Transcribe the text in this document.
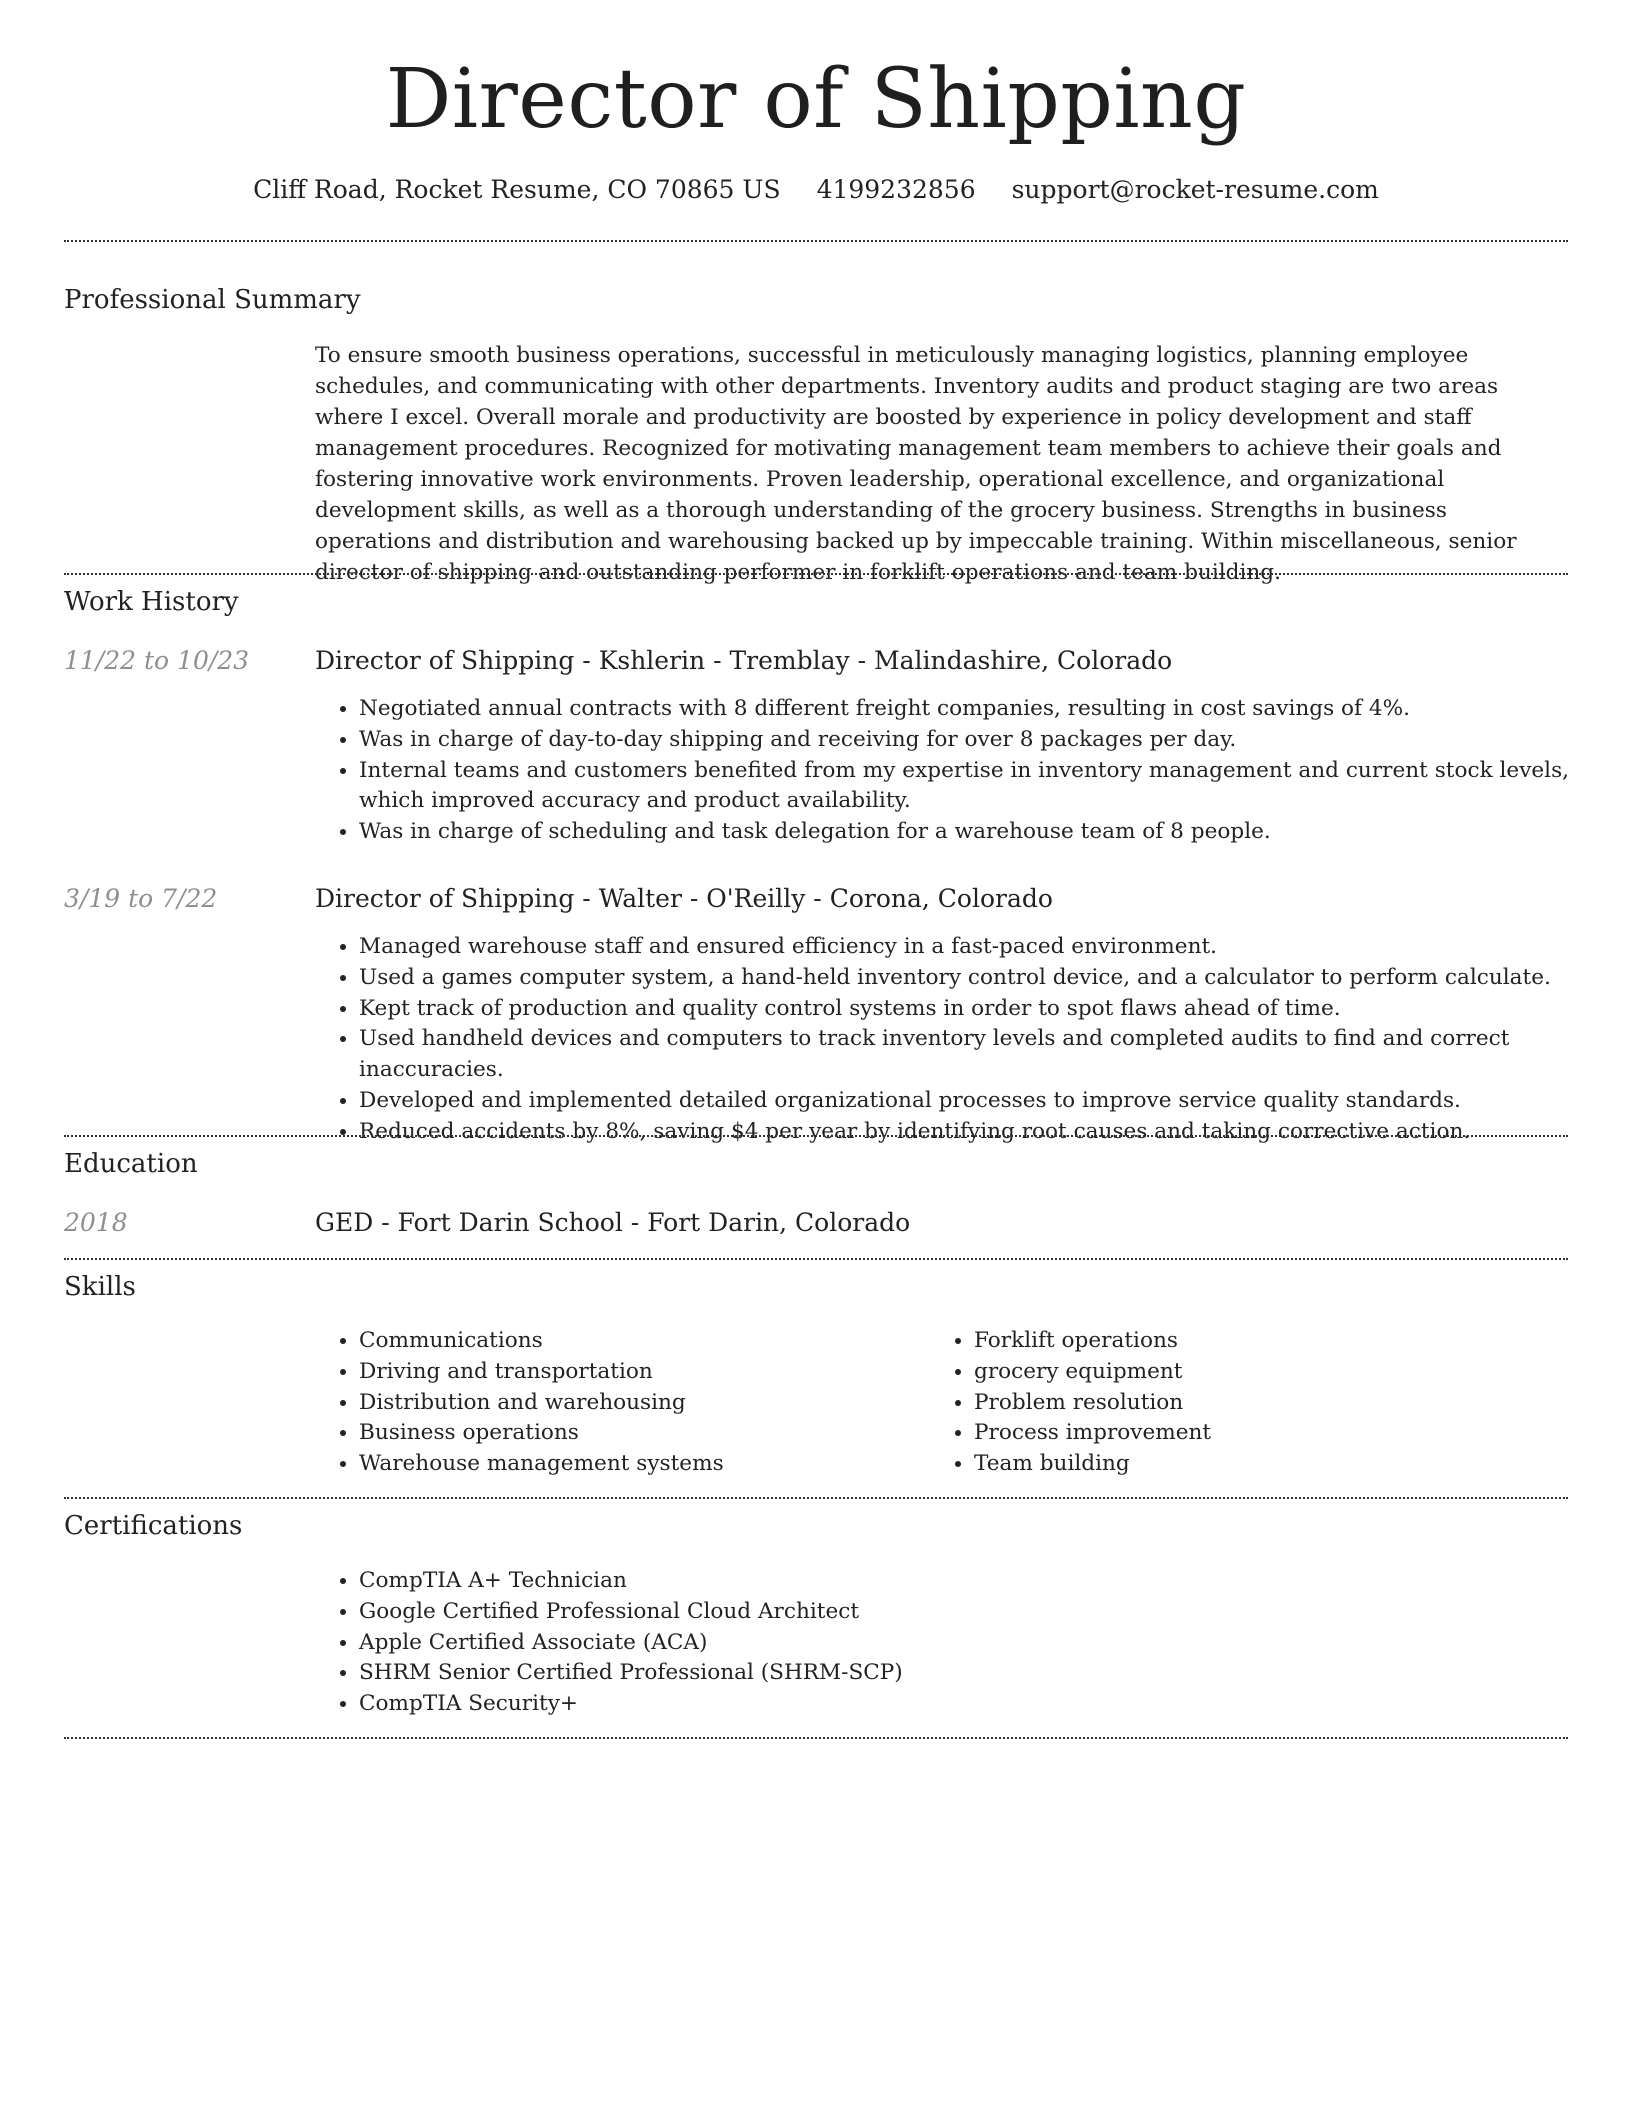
Director of Shipping
Cliff Road, Rocket Resume, CO 70865 US 4199232856 support@rocket-resume.com
Professional Summary

To ensure smooth business operations, successful in meticulously managing logistics, planning employee schedules, and communicating with other departments. Inventory audits and product staging are two areas where I excel. Overall morale and productivity are boosted by experience in policy development and staff management procedures. Recognized for motivating management team members to achieve their goals and fostering innovative work environments. Proven leadership, operational excellence, and organizational development skills, as well as a thorough understanding of the grocery business. Strengths in business operations and distribution and warehousing backed up by impeccable training. Within miscellaneous, senior director of shipping and outstanding performer in forklift operations and team building.

Work History
11/22 to 10/23	Director of Shipping - Kshlerin - Tremblay - Malindashire, Colorado
• Negotiated annual contracts with 8 different freight companies, resulting in cost savings of 4%.
• Was in charge of day-to-day shipping and receiving for over 8 packages per day.
• Internal teams and customers benefited from my expertise in inventory management and current stock levels, which improved accuracy and product availability.
• Was in charge of scheduling and task delegation for a warehouse team of 8 people.
3/19 to 7/22	Director of Shipping - Walter - O'Reilly - Corona, Colorado
• Managed warehouse staff and ensured efficiency in a fast-paced environment.
• Used a games computer system, a hand-held inventory control device, and a calculator to perform calculate.
• Kept track of production and quality control systems in order to spot flaws ahead of time.
• Used handheld devices and computers to track inventory levels and completed audits to find and correct inaccuracies.
• Developed and implemented detailed organizational processes to improve service quality standards.
• Reduced accidents by 8%, saving $4 per year by identifying root causes and taking corrective action.
Education
2018	GED - Fort Darin School - Fort Darin, Colorado
Skills
• Communications
• Driving and transportation
• Distribution and warehousing
• Business operations
• Warehouse management systems
• Forklift operations
• grocery equipment
• Problem resolution
• Process improvement
• Team building
Certifications
• CompTIA A+ Technician
• Google Certified Professional Cloud Architect
• Apple Certified Associate (ACA)
• SHRM Senior Certified Professional (SHRM-SCP)
• CompTIA Security+
